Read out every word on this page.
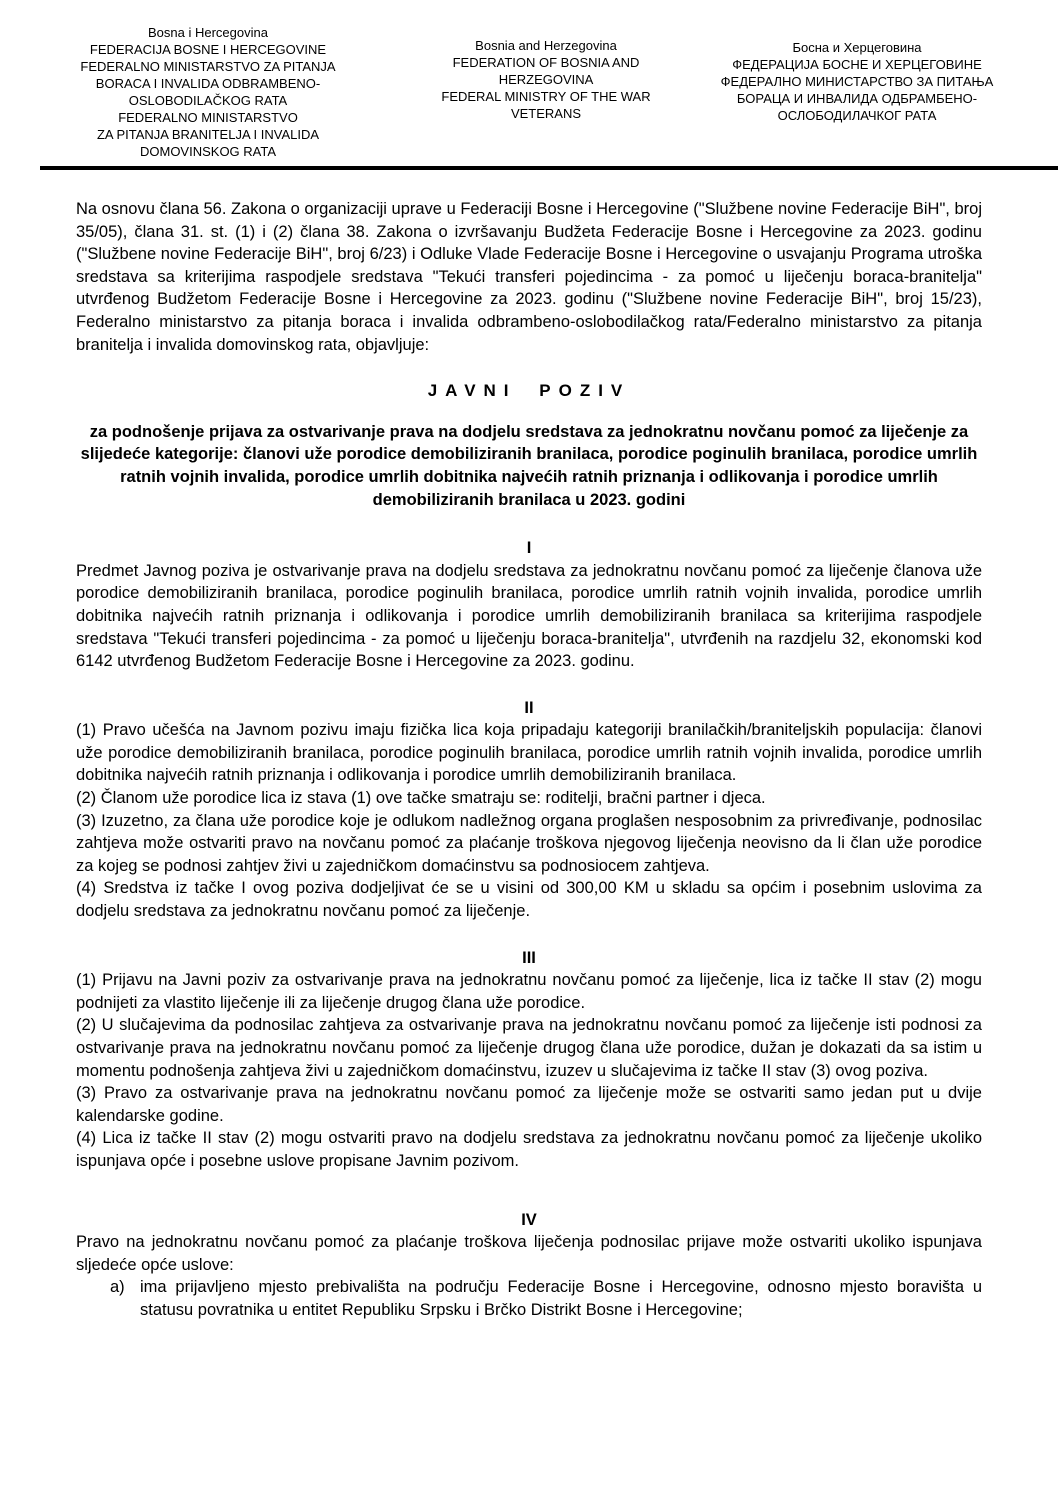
Bosna i Hercegovina
FEDERACIJA BOSNE I HERCEGOVINE
FEDERALNO MINISTARSTVO ZA PITANJA
BORACA I INVALIDA ODBRAMBENO-
OSLOBODILAČKOG RATA
FEDERALNO MINISTARSTVO
ZA PITANJA BRANITELJA I INVALIDA
DOMOVINSKOG RATA
Bosnia and Herzegovina
FEDERATION OF BOSNIA AND
HERZEGOVINA
FEDERAL MINISTRY OF THE WAR
VETERANS
Босна и Херцеговина
ФЕДЕРАЦИЈА БОСНЕ И ХЕРЦЕГОВИНЕ
ФЕДЕРАЛНО МИНИСТАРСТВО ЗА ПИТАЊА
БОРАЦА И ИНВАЛИДА ОДБРАМБЕНО-
ОСЛОБОДИЛАЧКОГ РАТА

Na osnovu člana 56. Zakona o organizaciji uprave u Federaciji Bosne i Hercegovine ("Službene novine Federacije BiH", broj 35/05), člana 31. st. (1) i (2) člana 38. Zakona o izvršavanju Budžeta Federacije Bosne i Hercegovine za 2023. godinu ("Službene novine Federacije BiH", broj 6/23) i Odluke Vlade Federacije Bosne i Hercegovine o usvajanju Programa utroška sredstava sa kriterijima raspodjele sredstava "Tekući transferi pojedincima - za pomoć u liječenju boraca-branitelja" utvrđenog Budžetom Federacije Bosne i Hercegovine za 2023. godinu ("Službene novine Federacije BiH", broj 15/23), Federalno ministarstvo za pitanja boraca i invalida odbrambeno-oslobodilačkog rata/Federalno ministarstvo za pitanja branitelja i invalida domovinskog rata, objavljuje:

JAVNI POZIV

za podnošenje prijava za ostvarivanje prava na dodjelu sredstava za jednokratnu novčanu pomoć za liječenje za slijedeće kategorije: članovi uže porodice demobiliziranih branilaca, porodice poginulih branilaca, porodice umrlih ratnih vojnih invalida, porodice umrlih dobitnika najvećih ratnih priznanja i odlikovanja i porodice umrlih demobiliziranih branilaca u 2023. godini

I

Predmet Javnog poziva je ostvarivanje prava na dodjelu sredstava za jednokratnu novčanu pomoć za liječenje članova uže porodice demobiliziranih branilaca, porodice poginulih branilaca, porodice umrlih ratnih vojnih invalida, porodice umrlih dobitnika najvećih ratnih priznanja i odlikovanja i porodice umrlih demobiliziranih branilaca sa kriterijima raspodjele sredstava "Tekući transferi pojedincima - za pomoć u liječenju boraca-branitelja", utvrđenih na razdjelu 32, ekonomski kod 6142 utvrđenog Budžetom Federacije Bosne i Hercegovine za 2023. godinu.

II

(1) Pravo učešća na Javnom pozivu imaju fizička lica koja pripadaju kategoriji branilačkih/braniteljskih populacija: članovi uže porodice demobiliziranih branilaca, porodice poginulih branilaca, porodice umrlih ratnih vojnih invalida, porodice umrlih dobitnika najvećih ratnih priznanja i odlikovanja i porodice umrlih demobiliziranih branilaca.

(2) Članom uže porodice lica iz stava (1) ove tačke smatraju se: roditelji, bračni partner i djeca.

(3) Izuzetno, za člana uže porodice koje je odlukom nadležnog organa proglašen nesposobnim za privređivanje, podnosilac zahtjeva može ostvariti pravo na novčanu pomoć za plaćanje troškova njegovog liječenja neovisno da li član uže porodice za kojeg se podnosi zahtjev živi u zajedničkom domaćinstvu sa podnosiocem zahtjeva.

(4) Sredstva iz tačke I ovog poziva dodjeljivat će se u visini od 300,00 KM u skladu sa općim i posebnim uslovima za dodjelu sredstava za jednokratnu novčanu pomoć za liječenje.

III

(1) Prijavu na Javni poziv za ostvarivanje prava na jednokratnu novčanu pomoć za liječenje, lica iz tačke II stav (2) mogu podnijeti za vlastito liječenje ili za liječenje drugog člana uže porodice.

(2) U slučajevima da podnosilac zahtjeva za ostvarivanje prava na jednokratnu novčanu pomoć za liječenje isti podnosi za ostvarivanje prava na jednokratnu novčanu pomoć za liječenje drugog člana uže porodice, dužan je dokazati da sa istim u momentu podnošenja zahtjeva živi u zajedničkom domaćinstvu, izuzev u slučajevima iz tačke II stav (3) ovog poziva.

(3) Pravo za ostvarivanje prava na jednokratnu novčanu pomoć za liječenje može se ostvariti samo jedan put u dvije kalendarske godine.

(4) Lica iz tačke II stav (2) mogu ostvariti pravo na dodjelu sredstava za jednokratnu novčanu pomoć za liječenje ukoliko ispunjava opće i posebne uslove propisane Javnim pozivom.

IV

Pravo na jednokratnu novčanu pomoć za plaćanje troškova liječenja podnosilac prijave može ostvariti ukoliko ispunjava sljedeće opće uslove:

a) ima prijavljeno mjesto prebivališta na području Federacije Bosne i Hercegovine, odnosno mjesto boravišta u statusu povratnika u entitet Republiku Srpsku i Brčko Distrikt Bosne i Hercegovine;
